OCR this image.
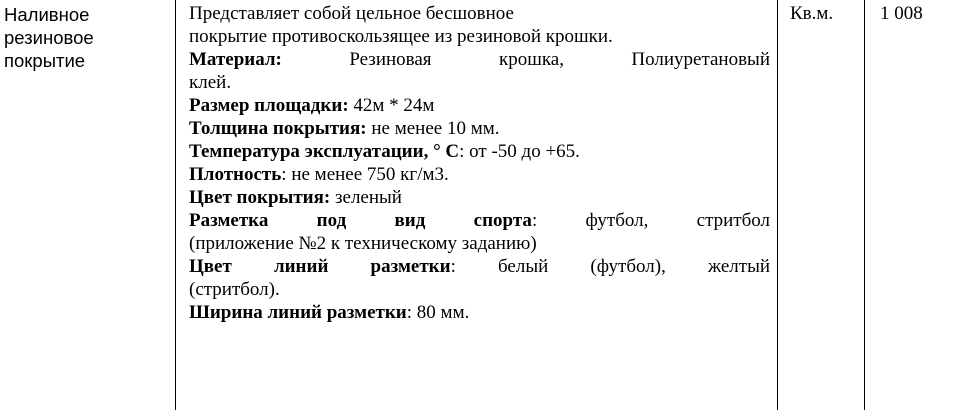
Наливное
резиновое
покрытие
Представляет собой цельное бесшовное
покрытие противоскользящее из резиновой крошки.
Материал:	Резиновая крошка, Полиуретановый
клей.
Размер площадки: 42м * 24м
Толщина покрытия: не менее 10 мм.
Температура эксплуатации, ° С: от -50 до +65.
Плотность: не менее 750 кг/м3.
Цвет покрытия: зеленый
Разметка под вид спорта: футбол, стритбол
(приложение №2 к техническому заданию)
Цвет линий разметки: белый (футбол), желтый
(стритбол).
Ширина линий разметки: 80 мм.
Кв.м.	1 008
